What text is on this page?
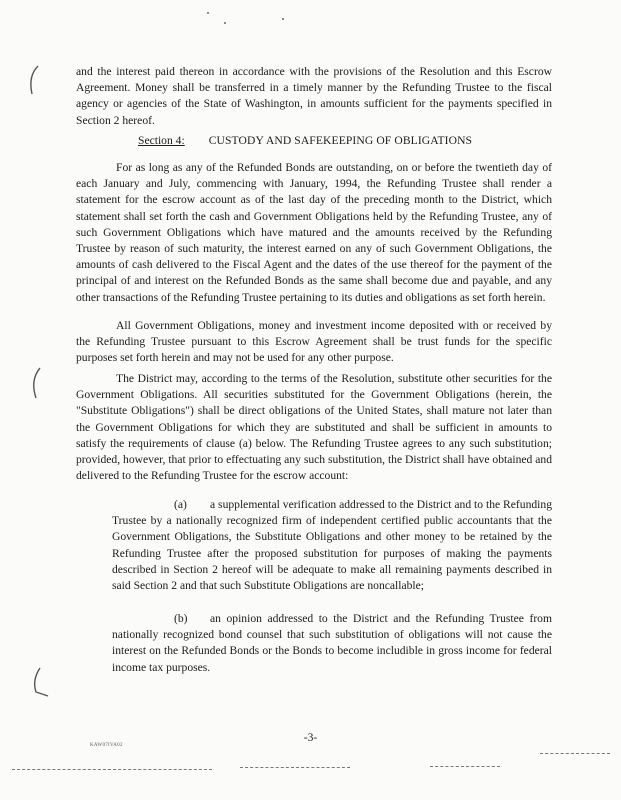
and the interest paid thereon in accordance with the provisions of the Resolution and this Escrow Agreement. Money shall be transferred in a timely manner by the Refunding Trustee to the fiscal agency or agencies of the State of Washington, in amounts sufficient for the payments specified in Section 2 hereof.

Section 4: CUSTODY AND SAFEKEEPING OF OBLIGATIONS

For as long as any of the Refunded Bonds are outstanding, on or before the twentieth day of each January and July, commencing with January, 1994, the Refunding Trustee shall render a statement for the escrow account as of the last day of the preceding month to the District, which statement shall set forth the cash and Government Obligations held by the Refunding Trustee, any of such Government Obligations which have matured and the amounts received by the Refunding Trustee by reason of such maturity, the interest earned on any of such Government Obligations, the amounts of cash delivered to the Fiscal Agent and the dates of the use thereof for the payment of the principal of and interest on the Refunded Bonds as the same shall become due and payable, and any other transactions of the Refunding Trustee pertaining to its duties and obligations as set forth herein.

All Government Obligations, money and investment income deposited with or received by the Refunding Trustee pursuant to this Escrow Agreement shall be trust funds for the specific purposes set forth herein and may not be used for any other purpose.

The District may, according to the terms of the Resolution, substitute other securities for the Government Obligations. All securities substituted for the Government Obligations (herein, the "Substitute Obligations") shall be direct obligations of the United States, shall mature not later than the Government Obligations for which they are substituted and shall be sufficient in amounts to satisfy the requirements of clause (a) below. The Refunding Trustee agrees to any such substitution; provided, however, that prior to effectuating any such substitution, the District shall have obtained and delivered to the Refunding Trustee for the escrow account:

(a) a supplemental verification addressed to the District and to the Refunding Trustee by a nationally recognized firm of independent certified public accountants that the Government Obligations, the Substitute Obligations and other money to be retained by the Refunding Trustee after the proposed substitution for purposes of making the payments described in Section 2 hereof will be adequate to make all remaining payments described in said Section 2 and that such Substitute Obligations are noncallable;

(b) an opinion addressed to the District and the Refunding Trustee from nationally recognized bond counsel that such substitution of obligations will not cause the interest on the Refunded Bonds or the Bonds to become includible in gross income for federal income tax purposes.

-3-
KAW07IVA02
